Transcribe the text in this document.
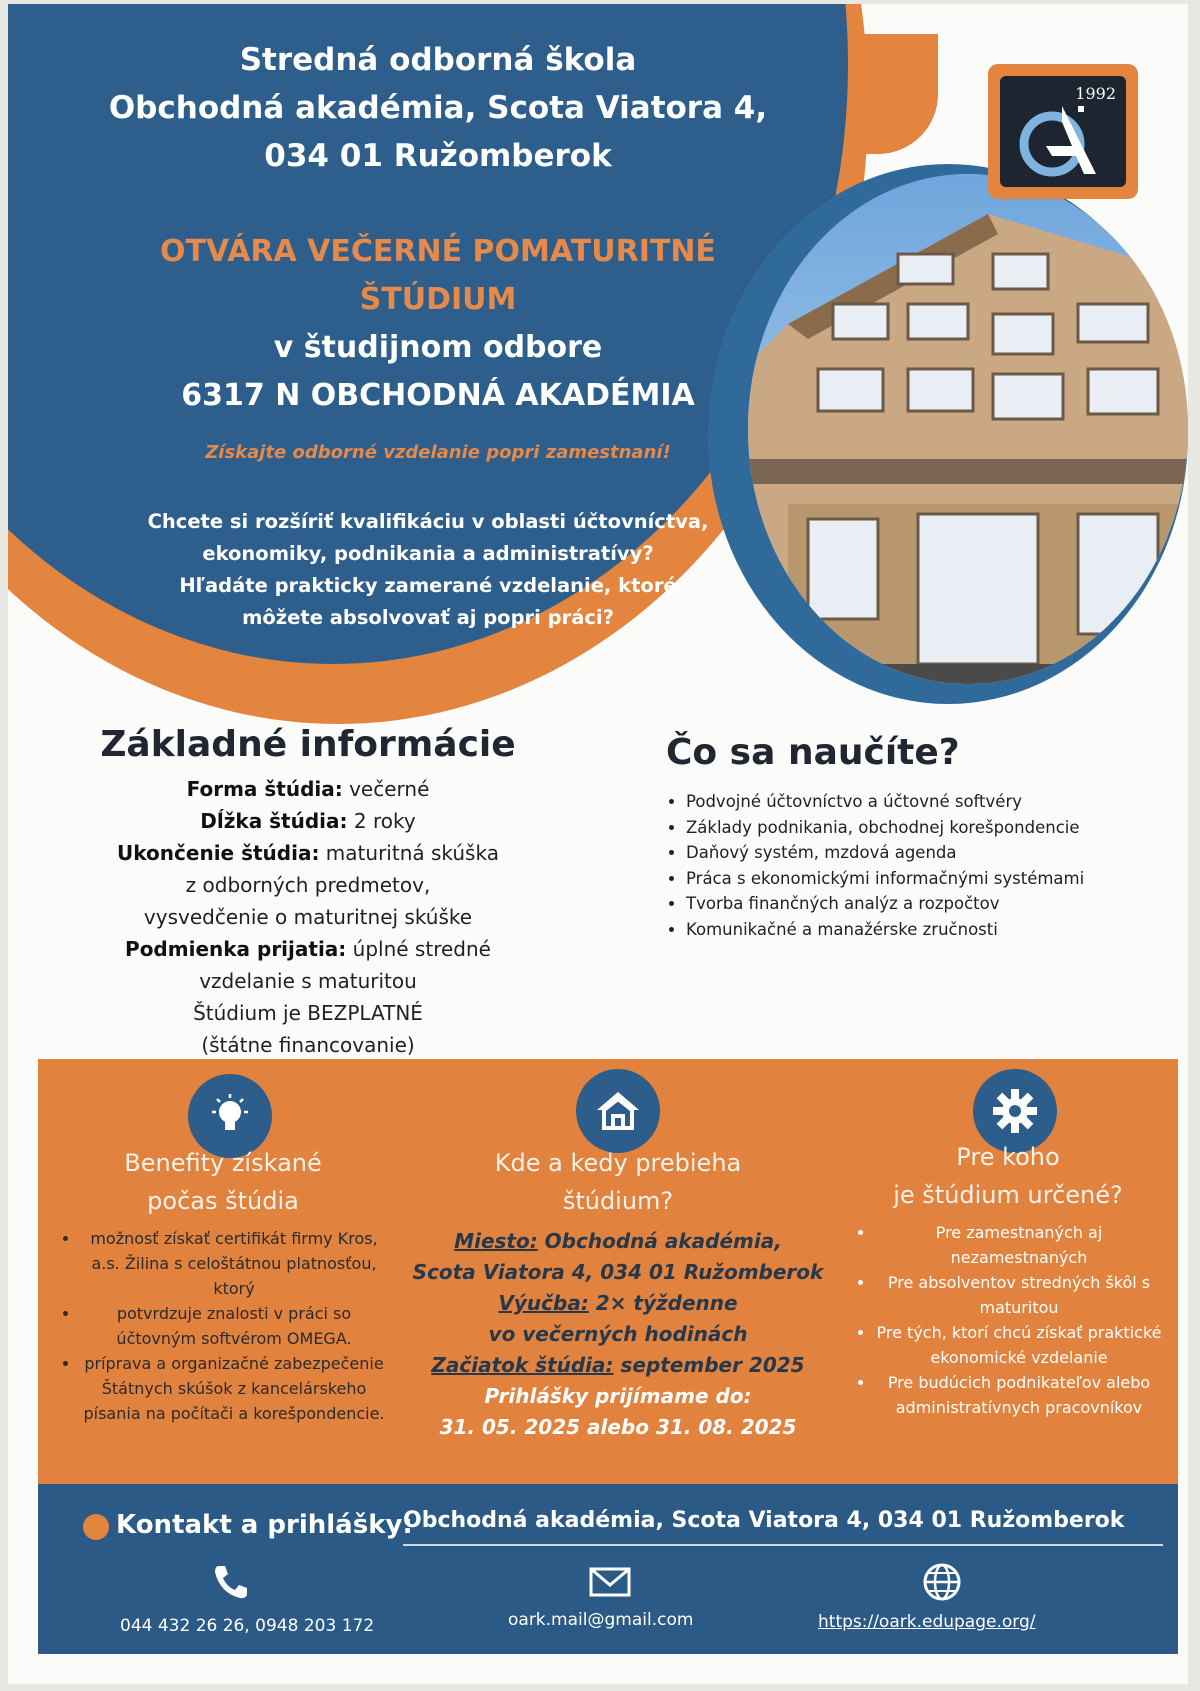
1992
Stredná odborná škola
Obchodná akadémia, Scota Viatora 4,
034 01 Ružomberok
OTVÁRA VEČERNÉ POMATURITNÉ
ŠTÚDIUM
v študijnom odbore
6317 N OBCHODNÁ AKADÉMIA
Získajte odborné vzdelanie popri zamestnaní!
Chcete si rozšíriť kvalifikáciu v oblasti účtovníctva,
ekonomiky, podnikania a administratívy?
Hľadáte prakticky zamerané vzdelanie, ktoré
môžete absolvovať aj popri práci?
Základné informácie
Forma štúdia: večerné
Dĺžka štúdia: 2 roky
Ukončenie štúdia: maturitná skúška
z odborných predmetov,
vysvedčenie o maturitnej skúške
Podmienka prijatia: úplné stredné
vzdelanie s maturitou
Štúdium je BEZPLATNÉ
(štátne financovanie)
Čo sa naučíte?
• Podvojné účtovníctvo a účtovné softvéry
• Základy podnikania, obchodnej korešpondencie
• Daňový systém, mzdová agenda
• Práca s ekonomickými informačnými systémami
• Tvorba finančných analýz a rozpočtov
• Komunikačné a manažérske zručnosti
Benefity získané
počas štúdia
• možnosť získať certifikát firmy Kros, a.s. Žilina s celoštátnou platnosťou, ktorý
• potvrdzuje znalosti v práci so účtovným softvérom OMEGA.
• príprava a organizačné zabezpečenie Štátnych skúšok z kancelárskeho písania na počítači a korešpondencie.
Kde a kedy prebieha
štúdium?
Miesto: Obchodná akadémia,
Scota Viatora 4, 034 01 Ružomberok
Výučba: 2× týždenne
vo večerných hodinách
Začiatok štúdia: september 2025
Prihlášky prijímame do:
31. 05. 2025 alebo 31. 08. 2025
Pre koho
je štúdium určené?
• Pre zamestnaných aj nezamestnaných
• Pre absolventov stredných škôl s maturitou
• Pre tých, ktorí chcú získať praktické ekonomické vzdelanie
• Pre budúcich podnikateľov alebo administratívnych pracovníkov
Kontakt a prihlášky:
Obchodná akadémia, Scota Viatora 4, 034 01 Ružomberok
044 432 26 26, 0948 203 172	oark.mail@gmail.com	https://oark.edupage.org/
